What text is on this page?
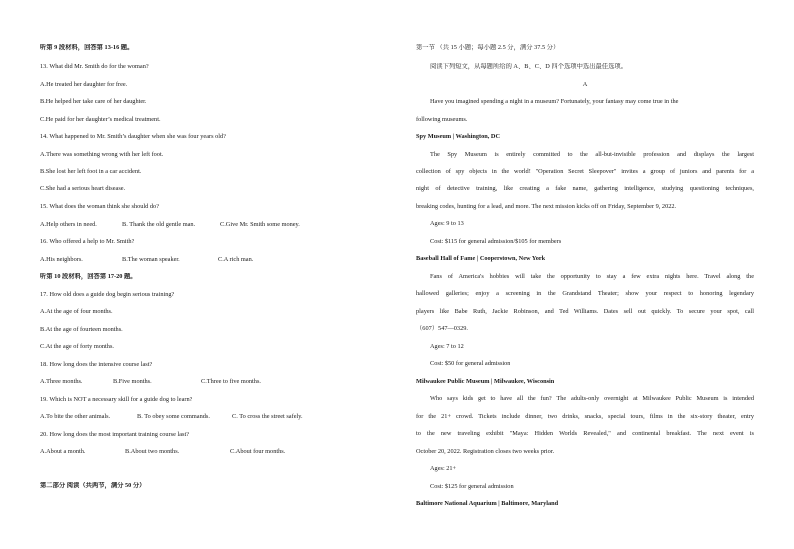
听第 9 段材料，回答第 13-16 题。
13. What did Mr. Smith do for the woman?
A.He treated her daughter for free.
B.He helped her take care of her daughter.
C.He paid for her daughter’s medical treatment.
14. What happened to Mr. Smith’s daughter when she was four years old?
A.There was something wrong with her left foot.
B.She lost her left foot in a car accident.
C.She had a serious heart disease.
15. What does the woman think she should do?
A.Help others in need.	B. Thank the old gentle man.	C.Give Mr. Smith some money.
16. Who offered a help to Mr. Smith?
A.His neighbors.	B.The woman speaker.	C.A rich man.
听第 10 段材料，回答第 17-20 题。
17. How old does a guide dog begin serious training?
A.At the age of four months.
B.At the age of fourteen months.
C.At the age of forty months.
18. How long does the intensive course last?
A.Three months.	B.Five months.	C.Three to five months.
19. Which is NOT a necessary skill for a guide dog to learn?
A.To bite the other animals.	B. To obey some commands.	C. To cross the street safely.
20. How long does the most important training course last?
A.About a month.	B.About two months.	C.About four months.
第二部分 阅读（共两节，满分 50 分）
第一节 （共 15 小题；每小题 2.5 分，满分 37.5 分）
阅读下列短文，从每题所给的 A、B、C、D 四个选项中选出最佳选项。
A
Have you imagined spending a night in a museum? Fortunately, your fantasy may come true in the
following museums.
Spy Museum | Washington, DC
The Spy Museum is entirely committed to the all-but-invisible profession and displays the largest
collection of spy objects in the world! "Operation Secret Sleepover" invites a group of juniors and parents for a
night of detective training, like creating a fake name, gathering intelligence, studying questioning techniques,
breaking codes, hunting for a lead, and more. The next mission kicks off on Friday, September 9, 2022.
Ages: 9 to 13
Cost: $115 for general admission/$105 for members
Baseball Hall of Fame | Cooperstown, New York
Fans of America's hobbies will take the opportunity to stay a few extra nights here. Travel along the
hallowed galleries; enjoy a screening in the Grandstand Theater; show your respect to honoring legendary
players like Babe Ruth, Jackie Robinson, and Ted Williams. Dates sell out quickly. To secure your spot, call
（607）547—0329.
Ages: 7 to 12
Cost: $50 for general admission
Milwaukee Public Museum | Milwaukee, Wisconsin
Who says kids get to have all the fun? The adults-only overnight at Milwaukee Public Museum is intended
for the 21+ crowd. Tickets include dinner, two drinks, snacks, special tours, films in the six-story theater, entry
to the new traveling exhibit "Maya: Hidden Worlds Revealed," and continental breakfast. The next event is
October 20, 2022. Registration closes two weeks prior.
Ages: 21+
Cost: $125 for general admission
Baltimore National Aquarium | Baltimore, Maryland
